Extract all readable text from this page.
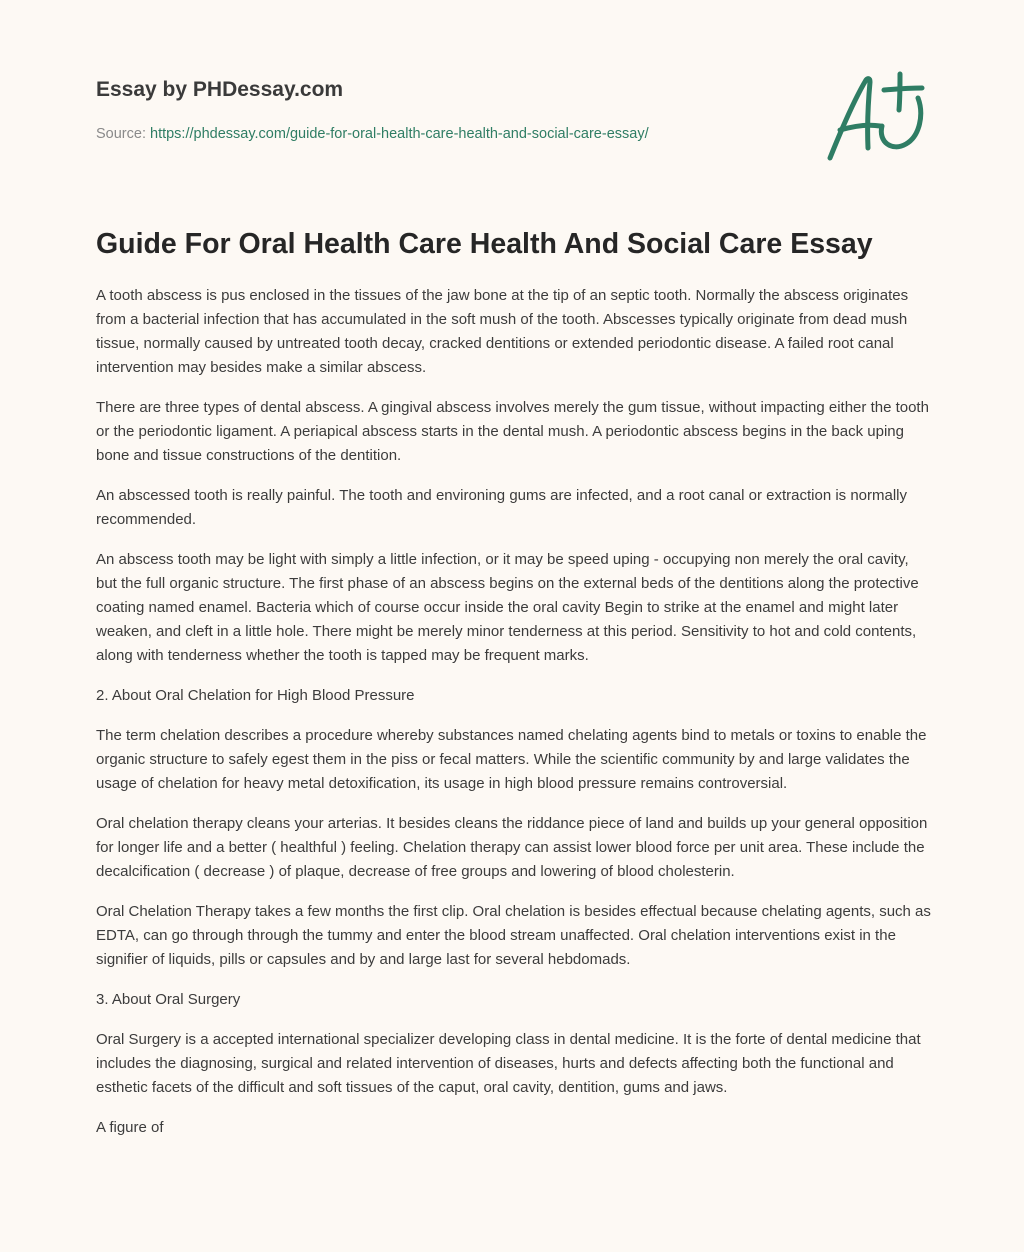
Essay by PHDessay.com
Source: https://phdessay.com/guide-for-oral-health-care-health-and-social-care-essay/
Guide For Oral Health Care Health And Social Care Essay

A tooth abscess is pus enclosed in the tissues of the jaw bone at the tip of an septic tooth. Normally the abscess originates from a bacterial infection that has accumulated in the soft mush of the tooth. Abscesses typically originate from dead mush tissue, normally caused by untreated tooth decay, cracked dentitions or extended periodontic disease. A failed root canal intervention may besides make a similar abscess.

There are three types of dental abscess. A gingival abscess involves merely the gum tissue, without impacting either the tooth or the periodontic ligament. A periapical abscess starts in the dental mush. A periodontic abscess begins in the back uping bone and tissue constructions of the dentition.

An abscessed tooth is really painful. The tooth and environing gums are infected, and a root canal or extraction is normally recommended.

An abscess tooth may be light with simply a little infection, or it may be speed uping - occupying non merely the oral cavity, but the full organic structure. The first phase of an abscess begins on the external beds of the dentitions along the protective coating named enamel. Bacteria which of course occur inside the oral cavity Begin to strike at the enamel and might later weaken, and cleft in a little hole. There might be merely minor tenderness at this period. Sensitivity to hot and cold contents, along with tenderness whether the tooth is tapped may be frequent marks.

2. About Oral Chelation for High Blood Pressure

The term chelation describes a procedure whereby substances named chelating agents bind to metals or toxins to enable the organic structure to safely egest them in the piss or fecal matters. While the scientific community by and large validates the usage of chelation for heavy metal detoxification, its usage in high blood pressure remains controversial.

Oral chelation therapy cleans your arterias. It besides cleans the riddance piece of land and builds up your general opposition for longer life and a better ( healthful ) feeling. Chelation therapy can assist lower blood force per unit area. These include the decalcification ( decrease ) of plaque, decrease of free groups and lowering of blood cholesterin.

Oral Chelation Therapy takes a few months the first clip. Oral chelation is besides effectual because chelating agents, such as EDTA, can go through through the tummy and enter the blood stream unaffected. Oral chelation interventions exist in the signifier of liquids, pills or capsules and by and large last for several hebdomads.

3. About Oral Surgery

Oral Surgery is a accepted international specializer developing class in dental medicine. It is the forte of dental medicine that includes the diagnosing, surgical and related intervention of diseases, hurts and defects affecting both the functional and esthetic facets of the difficult and soft tissues of the caput, oral cavity, dentition, gums and jaws.

A figure of
